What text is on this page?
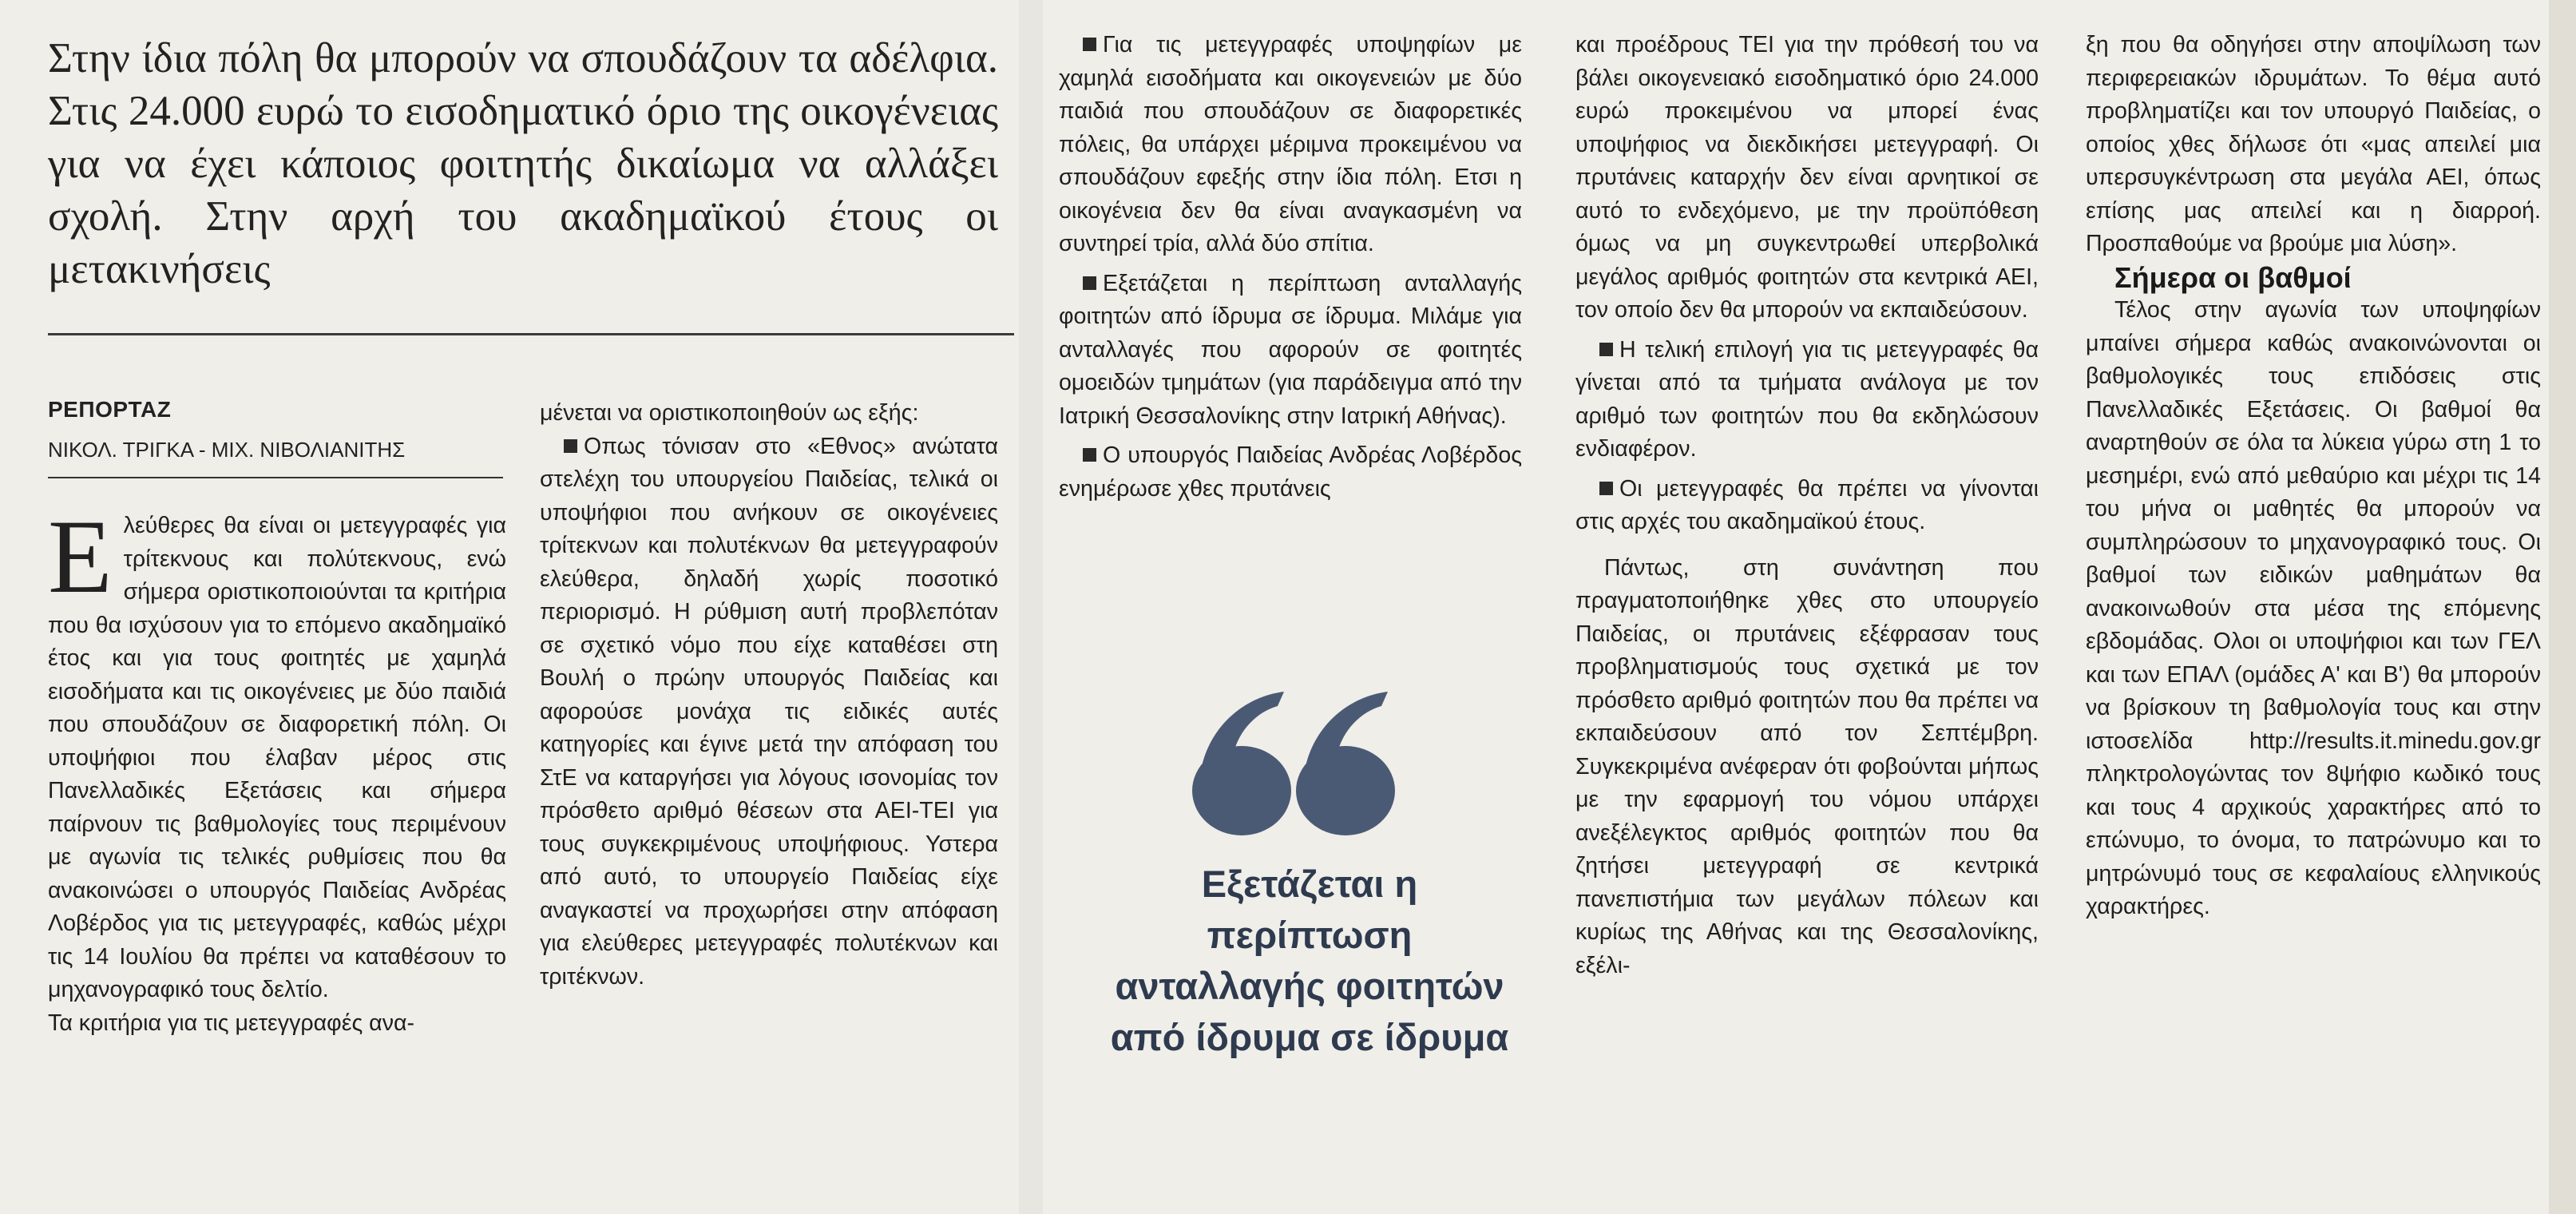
Στην ίδια πόλη θα μπορούν να σπουδάζουν τα αδέλφια. Στις 24.000 ευρώ το εισοδηματικό όριο της οικογένειας για να έχει κάποιος φοιτητής δικαίωμα να αλλάξει σχολή. Στην αρχή του ακαδημαϊκού έτους οι μετακινήσεις
ΡΕΠΟΡΤΑΖ
ΝΙΚΟΛ. ΤΡΙΓΚΑ - ΜΙΧ. ΝΙΒΟΛΙΑΝΙΤΗΣ

Ελεύθερες θα είναι οι μετεγγραφές για τρίτεκνους και πολύτεκνους, ενώ σήμερα οριστικοποιούνται τα κριτήρια που θα ισχύσουν για το επόμενο ακαδημαϊκό έτος και για τους φοιτητές με χαμηλά εισοδήματα και τις οικογένειες με δύο παιδιά που σπουδάζουν σε διαφορετική πόλη. Οι υποψήφιοι που έλαβαν μέρος στις Πανελλαδικές Εξετάσεις και σήμερα παίρνουν τις βαθμολογίες τους περιμένουν με αγωνία τις τελικές ρυθμίσεις που θα ανακοινώσει ο υπουργός Παιδείας Ανδρέας Λοβέρδος για τις μετεγγραφές, καθώς μέχρι τις 14 Ιουλίου θα πρέπει να καταθέσουν το μηχανογραφικό τους δελτίο.

Τα κριτήρια για τις μετεγγραφές ανα-

μένεται να οριστικοποιηθούν ως εξής:

Οπως τόνισαν στο «Εθνος» ανώτατα στελέχη του υπουργείου Παιδείας, τελικά οι υποψήφιοι που ανήκουν σε οικογένειες τρίτεκνων και πολυτέκνων θα μετεγγραφούν ελεύθερα, δηλαδή χωρίς ποσοτικό περιορισμό. Η ρύθμιση αυτή προβλεπόταν σε σχετικό νόμο που είχε καταθέσει στη Βουλή ο πρώην υπουργός Παιδείας και αφορούσε μονάχα τις ειδικές αυτές κατηγορίες και έγινε μετά την απόφαση του ΣτΕ να καταργήσει για λόγους ισονομίας τον πρόσθετο αριθμό θέσεων στα ΑΕΙ-ΤΕΙ για τους συγκεκριμένους υποψήφιους. Υστερα από αυτό, το υπουργείο Παιδείας είχε αναγκαστεί να προχωρήσει στην απόφαση για ελεύθερες μετεγγραφές πολυτέκνων και τριτέκνων.

Για τις μετεγγραφές υποψηφίων με χαμηλά εισοδήματα και οικογενειών με δύο παιδιά που σπουδάζουν σε διαφορετικές πόλεις, θα υπάρχει μέριμνα προκειμένου να σπουδάζουν εφεξής στην ίδια πόλη. Ετσι η οικογένεια δεν θα είναι αναγκασμένη να συντηρεί τρία, αλλά δύο σπίτια.

Εξετάζεται η περίπτωση ανταλλαγής φοιτητών από ίδρυμα σε ίδρυμα. Μιλάμε για ανταλλαγές που αφορούν σε φοιτητές ομοειδών τμημάτων (για παράδειγμα από την Ιατρική Θεσσαλονίκης στην Ιατρική Αθήνας).

Ο υπουργός Παιδείας Ανδρέας Λοβέρδος ενημέρωσε χθες πρυτάνεις

Εξετάζεται η περίπτωση ανταλλαγής φοιτητών από ίδρυμα σε ίδρυμα

και προέδρους ΤΕΙ για την πρόθεσή του να βάλει οικογενειακό εισοδηματικό όριο 24.000 ευρώ προκειμένου να μπορεί ένας υποψήφιος να διεκδικήσει μετεγγραφή. Οι πρυτάνεις καταρχήν δεν είναι αρνητικοί σε αυτό το ενδεχόμενο, με την προϋπόθεση όμως να μη συγκεντρωθεί υπερβολικά μεγάλος αριθμός φοιτητών στα κεντρικά ΑΕΙ, τον οποίο δεν θα μπορούν να εκπαιδεύσουν.

Η τελική επιλογή για τις μετεγγραφές θα γίνεται από τα τμήματα ανάλογα με τον αριθμό των φοιτητών που θα εκδηλώσουν ενδιαφέρον.

Οι μετεγγραφές θα πρέπει να γίνονται στις αρχές του ακαδημαϊκού έτους.

Πάντως, στη συνάντηση που πραγματοποιήθηκε χθες στο υπουργείο Παιδείας, οι πρυτάνεις εξέφρασαν τους προβληματισμούς τους σχετικά με τον πρόσθετο αριθμό φοιτητών που θα πρέπει να εκπαιδεύσουν από τον Σεπτέμβρη. Συγκεκριμένα ανέφεραν ότι φοβούνται μήπως με την εφαρμογή του νόμου υπάρχει ανεξέλεγκτος αριθμός φοιτητών που θα ζητήσει μετεγγραφή σε κεντρικά πανεπιστήμια των μεγάλων πόλεων και κυρίως της Αθήνας και της Θεσσαλονίκης, εξέλι-

ξη που θα οδηγήσει στην αποψίλωση των περιφερειακών ιδρυμάτων. Το θέμα αυτό προβληματίζει και τον υπουργό Παιδείας, ο οποίος χθες δήλωσε ότι «μας απειλεί μια υπερσυγκέντρωση στα μεγάλα ΑΕΙ, όπως επίσης μας απειλεί και η διαρροή. Προσπαθούμε να βρούμε μια λύση».

Σήμερα οι βαθμοί

Τέλος στην αγωνία των υποψηφίων μπαίνει σήμερα καθώς ανακοινώνονται οι βαθμολογικές τους επιδόσεις στις Πανελλαδικές Εξετάσεις. Οι βαθμοί θα αναρτηθούν σε όλα τα λύκεια γύρω στη 1 το μεσημέρι, ενώ από μεθαύριο και μέχρι τις 14 του μήνα οι μαθητές θα μπορούν να συμπληρώσουν το μηχανογραφικό τους. Οι βαθμοί των ειδικών μαθημάτων θα ανακοινωθούν στα μέσα της επόμενης εβδομάδας. Ολοι οι υποψήφιοι και των ΓΕΛ και των ΕΠΑΛ (ομάδες Α' και Β') θα μπορούν να βρίσκουν τη βαθμολογία τους και στην ιστοσελίδα http://results.it.minedu.gov.gr πληκτρολογώντας τον 8ψήφιο κωδικό τους και τους 4 αρχικούς χαρακτήρες από το επώνυμο, το όνομα, το πατρώνυμο και το μητρώνυμό τους σε κεφαλαίους ελληνικούς χαρακτήρες.
